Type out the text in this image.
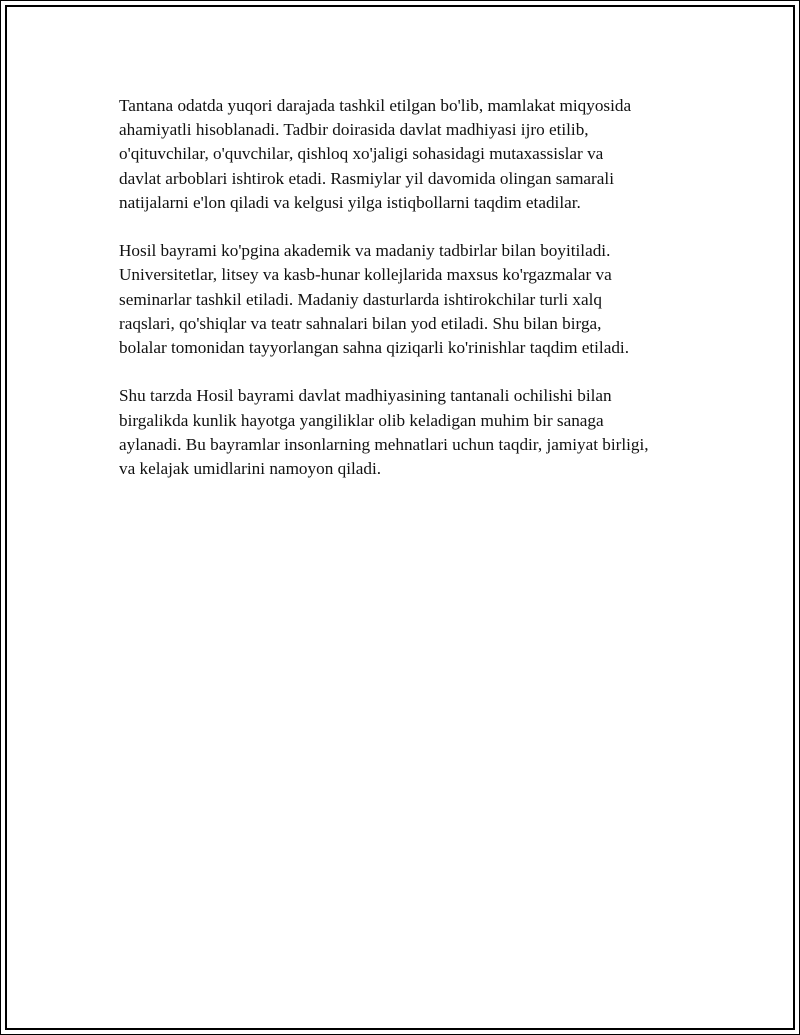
Tantana odatda yuqori darajada tashkil etilgan bo'lib, mamlakat miqyosida
ahamiyatli hisoblanadi. Tadbir doirasida davlat madhiyasi ijro etilib,
o'qituvchilar, o'quvchilar, qishloq xo'jaligi sohasidagi mutaxassislar va
davlat arboblari ishtirok etadi. Rasmiylar yil davomida olingan samarali
natijalarni e'lon qiladi va kelgusi yilga istiqbollarni taqdim etadilar.

Hosil bayrami ko'pgina akademik va madaniy tadbirlar bilan boyitiladi.
Universitetlar, litsey va kasb-hunar kollejlarida maxsus ko'rgazmalar va
seminarlar tashkil etiladi. Madaniy dasturlarda ishtirokchilar turli xalq
raqslari, qo'shiqlar va teatr sahnalari bilan yod etiladi. Shu bilan birga,
bolalar tomonidan tayyorlangan sahna qiziqarli ko'rinishlar taqdim etiladi.

Shu tarzda Hosil bayrami davlat madhiyasining tantanali ochilishi bilan
birgalikda kunlik hayotga yangiliklar olib keladigan muhim bir sanaga
aylanadi. Bu bayramlar insonlarning mehnatlari uchun taqdir, jamiyat birligi,
va kelajak umidlarini namoyon qiladi.
